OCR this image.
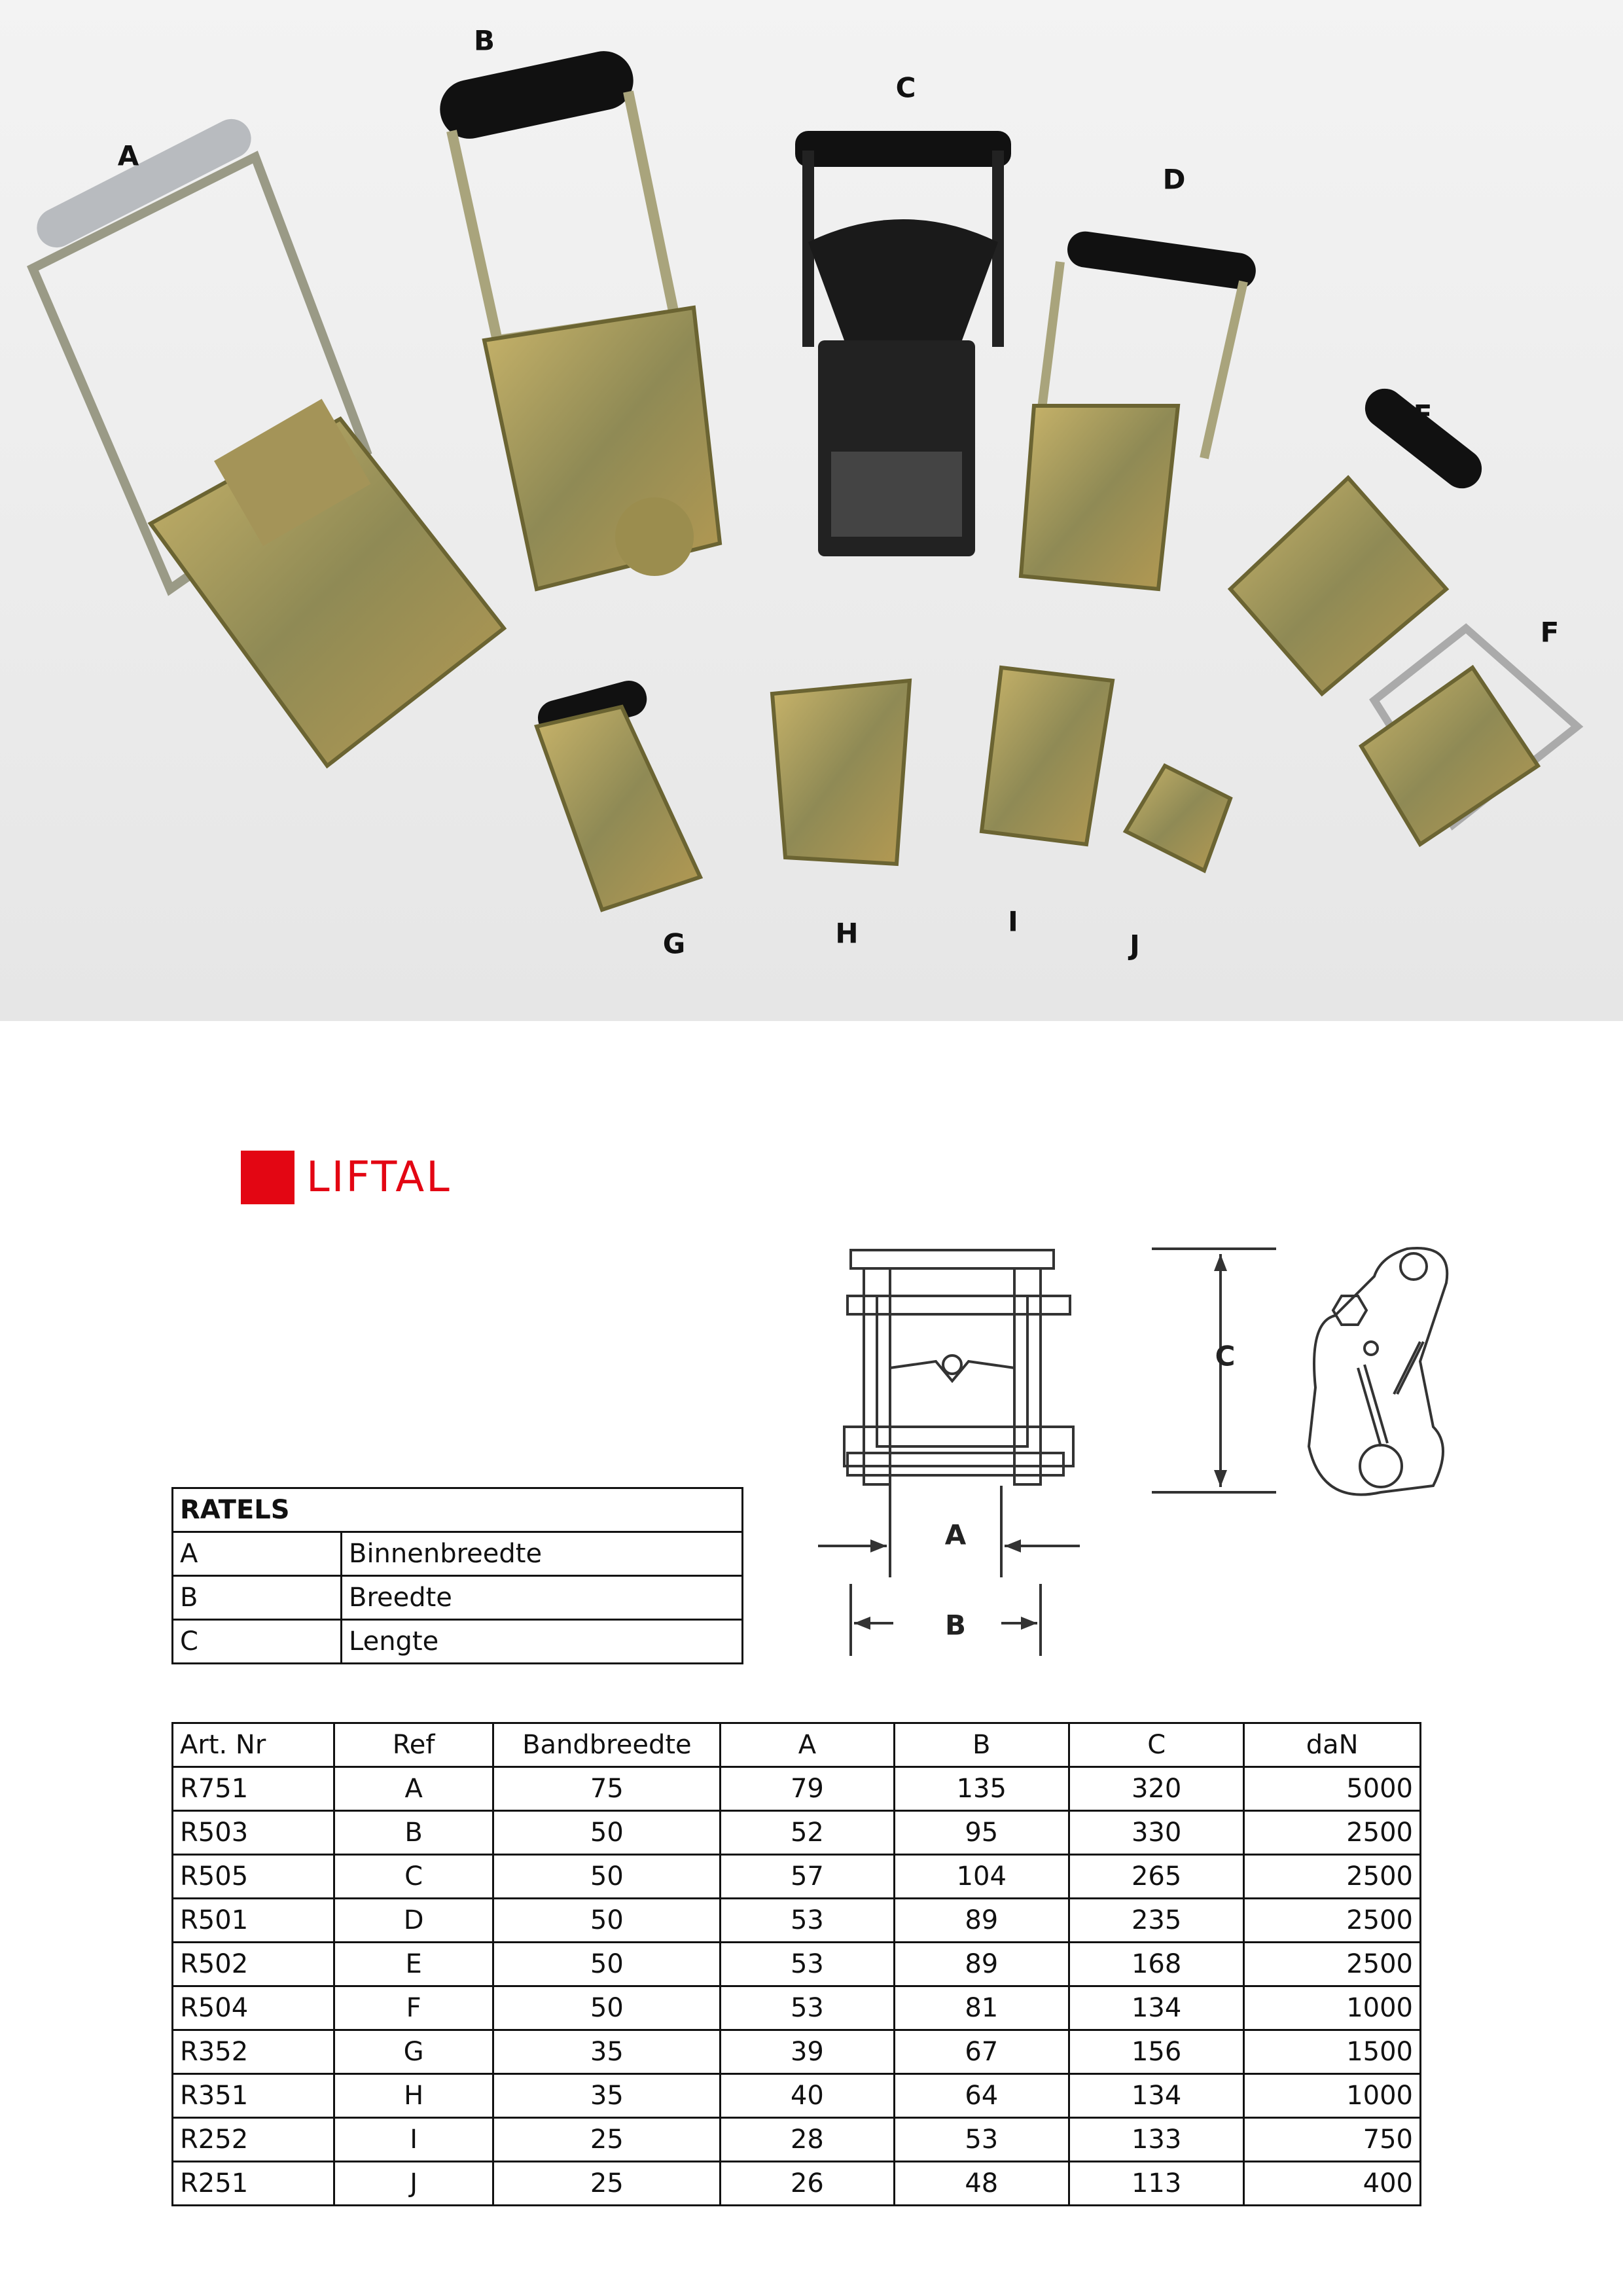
A
B
C
D
E
F
G	H	I
J
LIFTAL
A
B
C
RATELS	
A	Binnenbreedte
B	Breedte
C	Lengte
Art. Nr	Ref	Bandbreedte	A	B	C	daN
R751	A	75	79	135	320	5000
R503	B	50	52	95	330	2500
R505	C	50	57	104	265	2500
R501	D	50	53	89	235	2500
R502	E	50	53	89	168	2500
R504	F	50	53	81	134	1000
R352	G	35	39	67	156	1500
R351	H	35	40	64	134	1000
R252	I	25	28	53	133	750
R251	J	25	26	48	113	400
